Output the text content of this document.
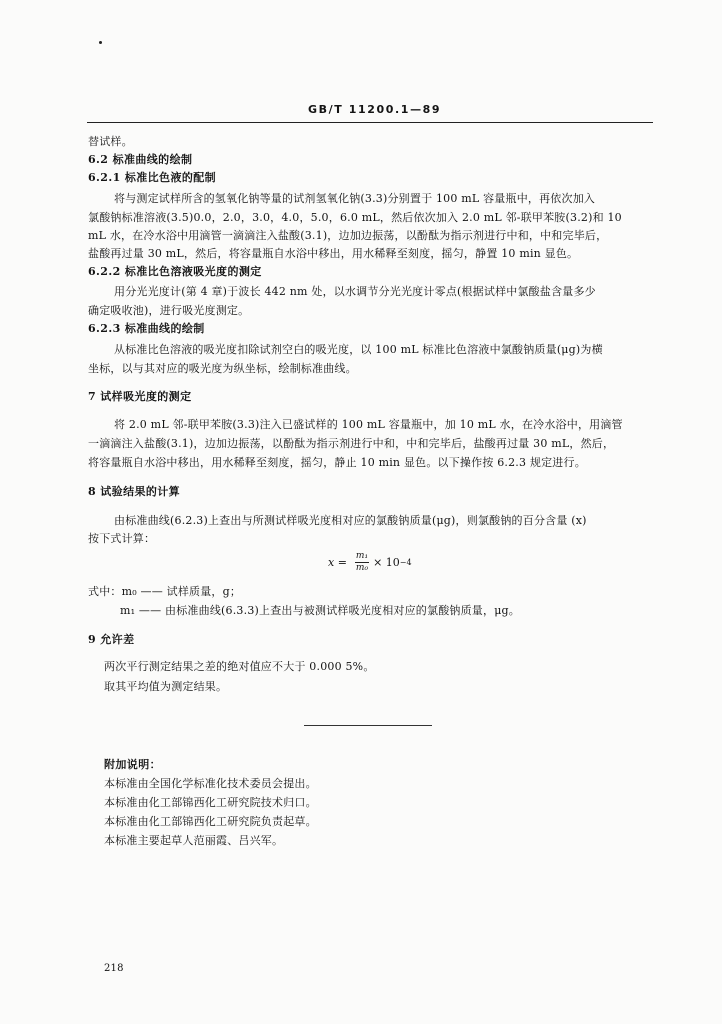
GB/T 11200.1—89
替试样。
6.2 标准曲线的绘制
6.2.1 标准比色液的配制
将与测定试样所含的氢氧化钠等量的试剂氢氧化钠(3.3)分别置于 100 mL 容量瓶中，再依次加入
氯酸钠标准溶液(3.5)0.0，2.0，3.0，4.0，5.0，6.0 mL，然后依次加入 2.0 mL 邻-联甲苯胺(3.2)和 10
mL 水，在冷水浴中用滴管一滴滴注入盐酸(3.1)，边加边振荡，以酚酞为指示剂进行中和，中和完毕后，
盐酸再过量 30 mL，然后，将容量瓶自水浴中移出，用水稀释至刻度，摇匀，静置 10 min 显色。
6.2.2 标准比色溶液吸光度的测定
用分光光度计(第 4 章)于波长 442 nm 处，以水调节分光光度计零点(根据试样中氯酸盐含量多少
确定吸收池)，进行吸光度测定。
6.2.3 标准曲线的绘制
从标准比色溶液的吸光度扣除试剂空白的吸光度，以 100 mL 标准比色溶液中氯酸钠质量(μg)为横
坐标，以与其对应的吸光度为纵坐标，绘制标准曲线。
7 试样吸光度的测定
将 2.0 mL 邻-联甲苯胺(3.3)注入已盛试样的 100 mL 容量瓶中，加 10 mL 水，在冷水浴中，用滴管
一滴滴注入盐酸(3.1)，边加边振荡，以酚酞为指示剂进行中和，中和完毕后，盐酸再过量 30 mL，然后，
将容量瓶自水浴中移出，用水稀释至刻度，摇匀，静止 10 min 显色。以下操作按 6.2.3 规定进行。
8 试验结果的计算
由标准曲线(6.2.3)上查出与所测试样吸光度相对应的氯酸钠质量(μg)，则氯酸钠的百分含量 (x)
按下式计算：
$x = \frac{\text{m₁}}{\text{m₀}} \times 10 -4$
式中：m₀ —— 试样质量，g；
m₁ —— 由标准曲线(6.3.3)上查出与被测试样吸光度相对应的氯酸钠质量，μg。
9 允许差
两次平行测定结果之差的绝对值应不大于 0.000 5%。
取其平均值为测定结果。
附加说明：
本标准由全国化学标准化技术委员会提出。
本标准由化工部锦西化工研究院技术归口。
本标准由化工部锦西化工研究院负责起草。
本标准主要起草人范丽霞、吕兴军。
218
